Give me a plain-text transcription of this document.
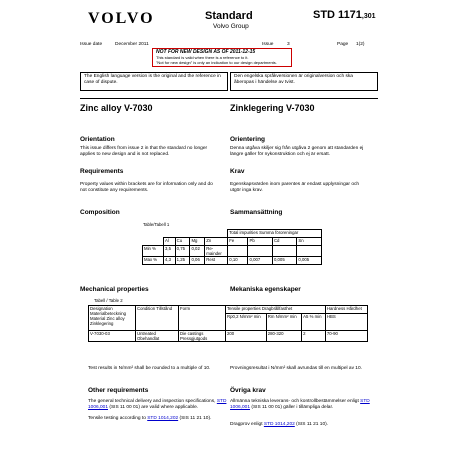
VOLVO	Standard
Volvo Group
STD 1171,301
Issue date	December 2011	Issue	3	Page 1(2)
NOT FOR NEW DESIGN AS OF 2011-12-15
This standard is valid when there is a reference to it.
"Not for new design" is only an indication to our design departments.
The English language version is the original and the reference in case of dispute.
Den engelska språkversionen är originalversion och ska åberopas i händelse av tvist.
Zinc alloy V-7030	Zinklegering V-7030
Orientation
This issue differs from issue 2 in that the standard no longer applies to new design and is not replaced.
Orientering
Denna utgåva skiljer sig från utgåva 2 genom att standarden ej längre gäller för nykonstruktion och ej är ersatt.
Requirements
Property values within brackets are for information only and do not constitute any requirements.
Krav
Egenskapsvärden inom parentes är endast upplysningar och utgör inga krav.
Composition	Sammansättning
Table/Tabell 1
					Total impurities Summa föroreningar			
	Al	Cu	Mg	Zn	Fe	Pb	Cd	Sn
Min %	3,5	0,75	0,02	Re-mainder				
Max %	4,3	1,25	0,06	Rest	0,10	0,007	0,005	0,005
Mechanical properties	Mekaniska egenskaper
Tabell / Table 2
Designation Materialbeteckning Material Zinc alloy Zinklegering	Condition Tillstånd	Form	Tensile properties Dragbrållfasthet			Hardness Hårdhet
			Rp0,2 N/mm² min	Rm N/mm² min	A5 % min	HBS
V-7030-03	Untreated Obehandlat	Die castings Pressgjutgods	200	280-320	2	70-90
Test results in N/mm² shall be rounded to a multiple of 10.	Provningsresultat i N/mm² skall avrundas till en multipel av 10.
Other requirements
The general technical delivery and inspection specifications, STD 1006,001 (SIS 11 00 01) are valid where applicable.
Tensile testing according to STD 1014,202 (SIS 11 21 10).
Övriga krav
Allmänna tekniska leverans- och kontrollbestämmelser enligt STD 1006,001 (SIS 11 00 01) gäller i tillämpliga delar.
Dragprov enligt STD 1014,202 (SIS 11 21 10).
